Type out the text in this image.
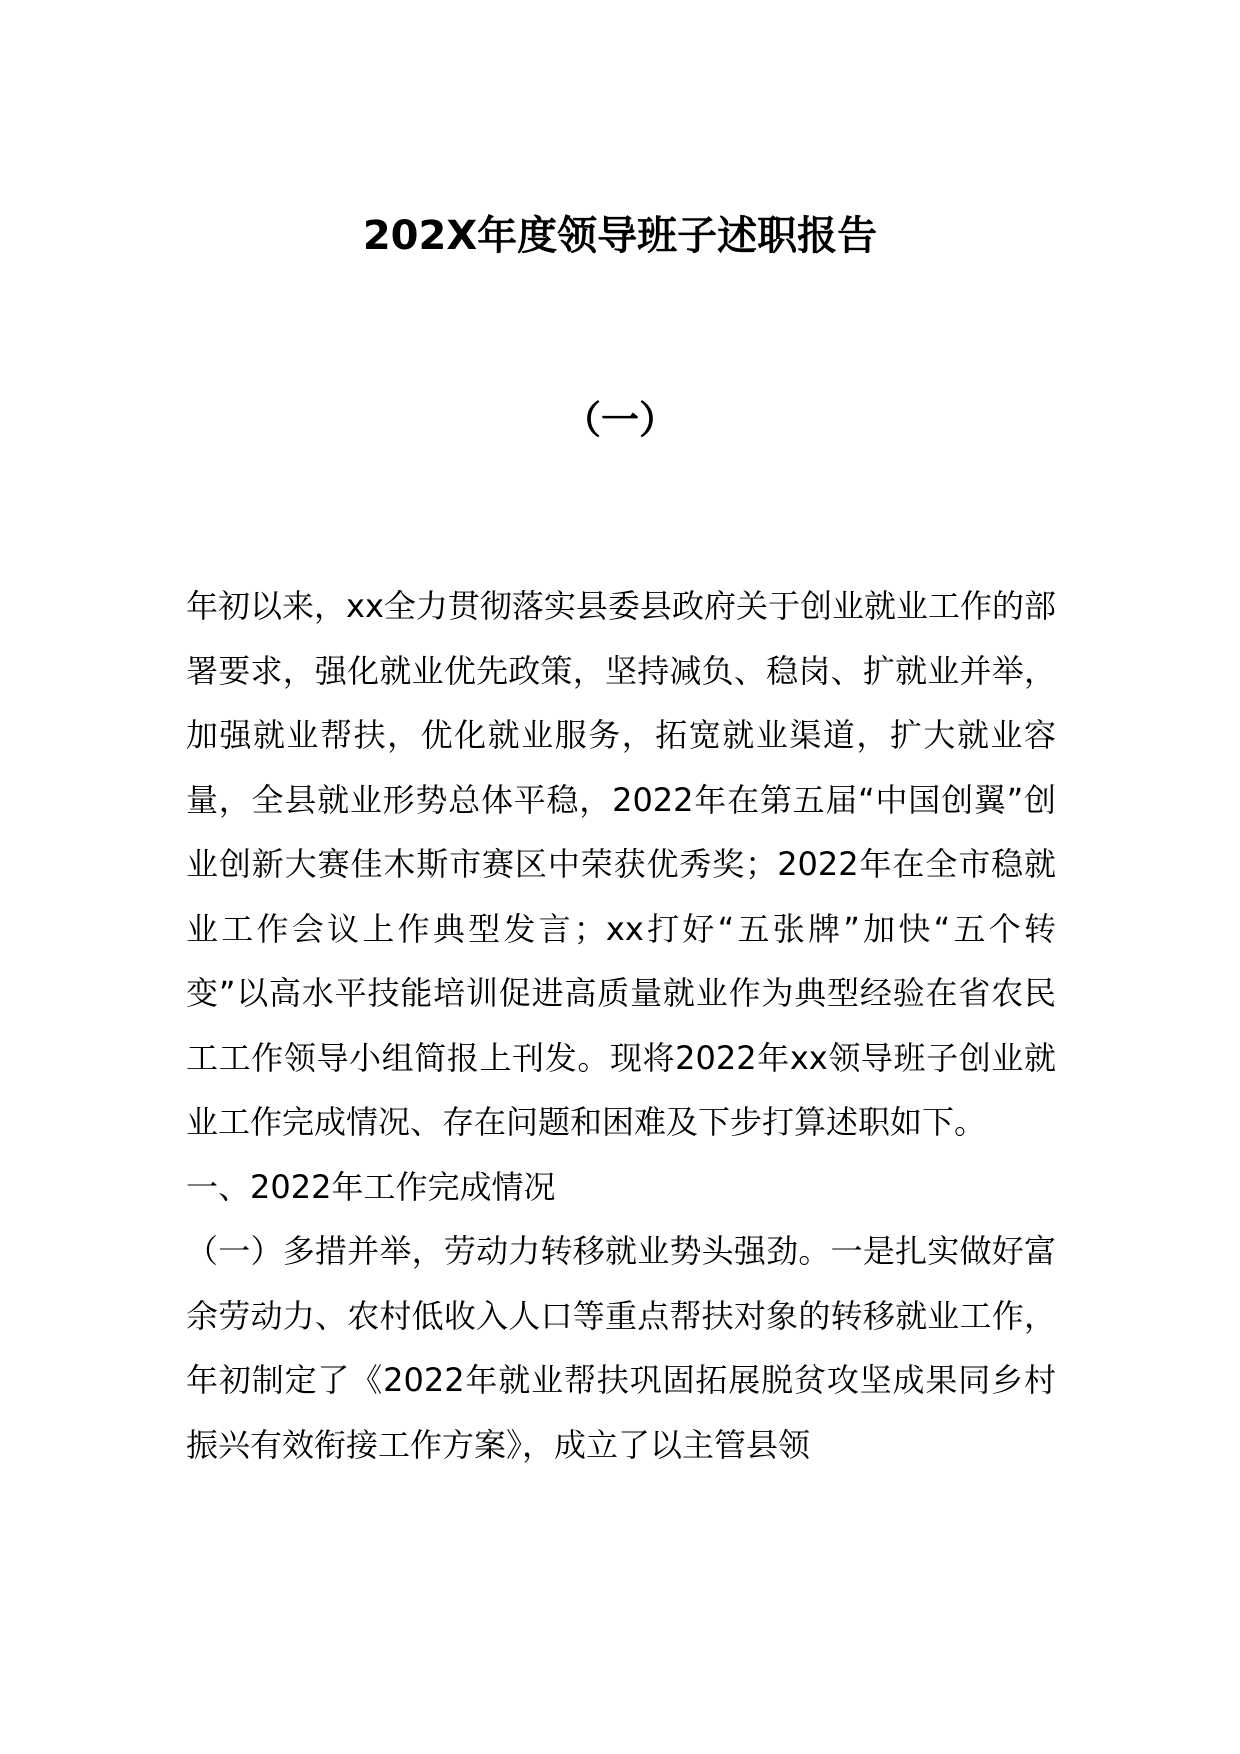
202X年度领导班子述职报告
（一）

年初以来，xx全力贯彻落实县委县政府关于创业就业工作的部署要求，强化就业优先政策，坚持减负、稳岗、扩就业并举，加强就业帮扶，优化就业服务，拓宽就业渠道，扩大就业容量，全县就业形势总体平稳，2022年在第五届“中国创翼”创业创新大赛佳木斯市赛区中荣获优秀奖；2022年在全市稳就业工作会议上作典型发言；xx打好“五张牌”加快“五个转变”以高水平技能培训促进高质量就业作为典型经验在省农民工工作领导小组简报上刊发。现将2022年xx领导班子创业就业工作完成情况、存在问题和困难及下步打算述职如下。

一、2022年工作完成情况

（一）多措并举，劳动力转移就业势头强劲。一是扎实做好富余劳动力、农村低收入人口等重点帮扶对象的转移就业工作，年初制定了《2022年就业帮扶巩固拓展脱贫攻坚成果同乡村振兴有效衔接工作方案》，成立了以主管县领
